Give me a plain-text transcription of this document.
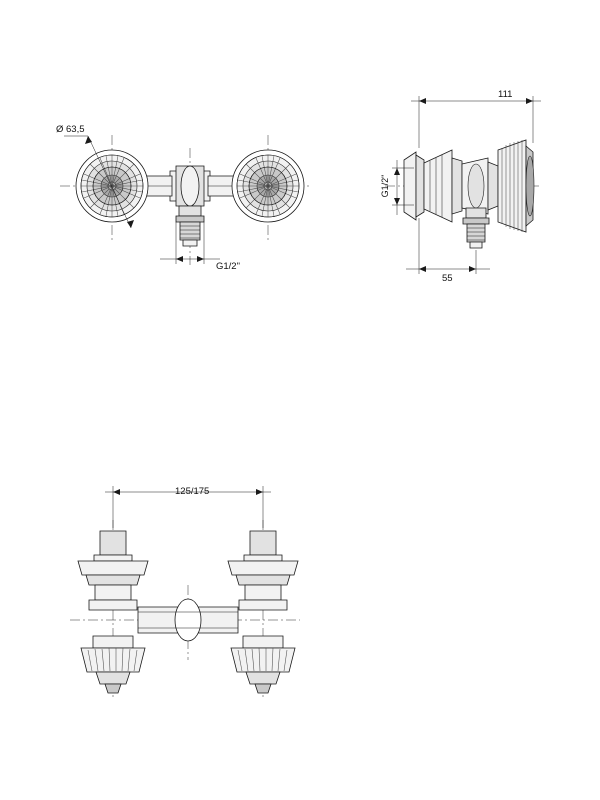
Ø 63,5
G1/2"
111
55
125/175
G1/2"
